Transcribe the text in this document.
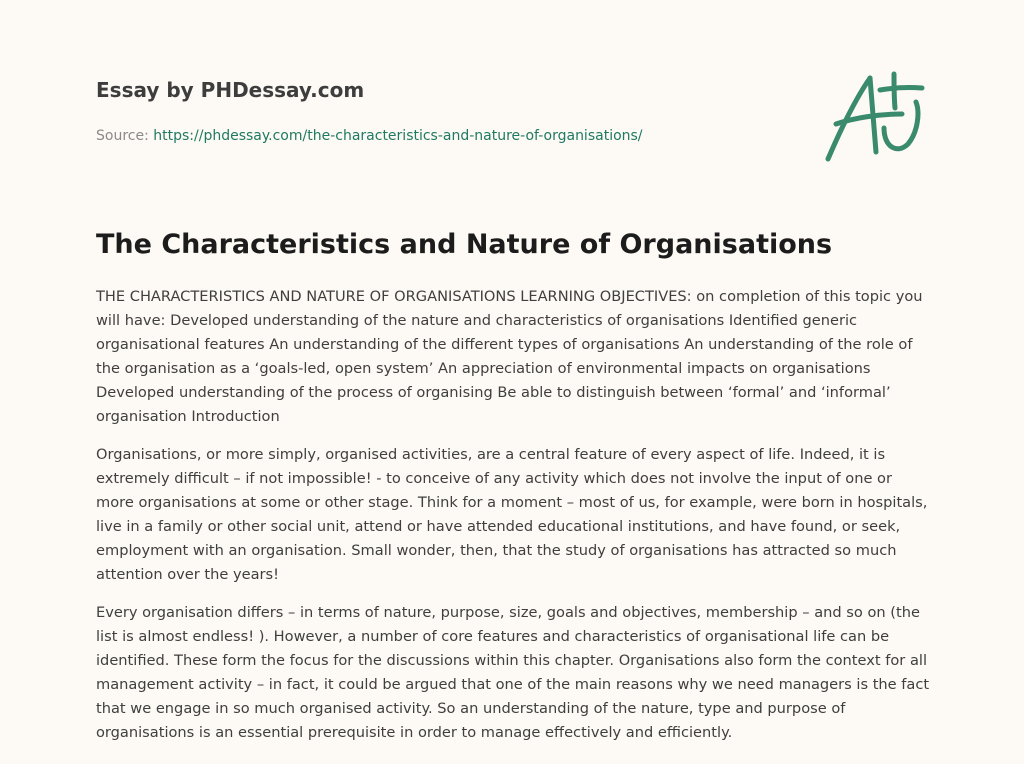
Essay by PHDessay.com
Source: https://phdessay.com/the-characteristics-and-nature-of-organisations/
The Characteristics and Nature of Organisations

THE CHARACTERISTICS AND NATURE OF ORGANISATIONS LEARNING OBJECTIVES: on completion of this topic you will have: Developed understanding of the nature and characteristics of organisations Identified generic organisational features An understanding of the different types of organisations An understanding of the role of the organisation as a ‘goals-led, open system’ An appreciation of environmental impacts on organisations Developed understanding of the process of organising Be able to distinguish between ‘formal’ and ‘informal’ organisation Introduction

Organisations, or more simply, organised activities, are a central feature of every aspect of life. Indeed, it is extremely difficult – if not impossible! - to conceive of any activity which does not involve the input of one or more organisations at some or other stage. Think for a moment – most of us, for example, were born in hospitals, live in a family or other social unit, attend or have attended educational institutions, and have found, or seek, employment with an organisation. Small wonder, then, that the study of organisations has attracted so much attention over the years!

Every organisation differs – in terms of nature, purpose, size, goals and objectives, membership – and so on (the list is almost endless! ). However, a number of core features and characteristics of organisational life can be identified. These form the focus for the discussions within this chapter. Organisations also form the context for all management activity – in fact, it could be argued that one of the main reasons why we need managers is the fact that we engage in so much organised activity. So an understanding of the nature, type and purpose of organisations is an essential prerequisite in order to manage effectively and efficiently.
